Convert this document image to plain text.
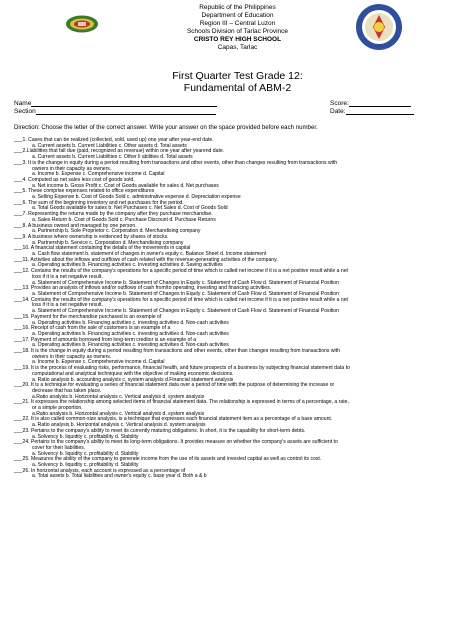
Republic of the Philippines
Department of Education
Region III – Central Luzon
Schools Division of Tarlac Province
CRISTO REY HIGH SCHOOL
Capas, Tarlac
First Quarter Test Grade 12:
Fundamental of ABM-2
Name
Section
Score:
Date:
Direction: Choose the letter of the correct answer. Write your answer on the space provided before each number.
___1. Cases that can be realized (collected, sold, used up) one year after year-end date.
a. Current assets b. Current Liabilities c. Other assets d. Total assets
___2.Liabilities that fall due (paid, recognized as revenue) within one year after yearend date.
a. Current assets b. Current Liabilities c. Other li abilities d. Total assets
___3. It is the change in equity during a period resulting from transactions and other events, other than changes resulting from transactions with
owners in their capacity as owners.
a. Income b. Expense c. Comprehensive income d. Capital
___4. Computed as net sales less cost of goods sold.
a. Net income b. Gross Profit c. Cost of Goods available for sales d. Net purchases
___5. These comprise expenses related to office expenditures
a. Selling Expense b. Cost of Goods Sold c. administrative expense d. Depreciation expense
___6. The sum of the beginning inventory and net purchases for the period.
a. Total Goods available for sales b. Net Purchases c. Net Sales d. Cost of Goods Sold
___7. Representing the returns made by the company after they purchase merchandise.
a. Sales Return b. Cost of Goods Sold c. Purchase Discount d. Purchase Returns
___8. A business owned and managed by one person.
a. Partnership b. Sole Proprietor c. Corporation d. Merchandising company
___9. A business where ownership is evidenced by shares of stocks.
a. Partnership b. Service c. Corporation d. Merchandising company
___10. A financial statement containing the details of the movements in capital
a. Cash flow statement b. statement of changes in owner's equity c. Balance Sheet d. Income statement
___11. Activities about the inflows and outflows of cash related with the revenue-generating activities of the company.
a. Operating activities b. Financing activities c. Investing activities d. Saving activities
___12. Contains the results of the company's operations for a specific period of time which is called net income if it is a net positive result while a net
loss if it is a net negative result.
a. Statement of Comprehensive Income b. Statement of Changes in Equity c. Statement of Cash Flow d. Statement of Financial Position
___13. Provides an analysis of inflows and/or outflows of cash from/to operating, investing and financing activities.
a. Statement of Comprehensive Income b. Statement of Changes in Equity c. Statement of Cash Flow d. Statement of Financial Position
___14. Contains the results of the company's operations for a specific period of time which is called net income if it is a net positive result while a net
loss if it is a net negative result.
a. Statement of Comprehensive Income b. Statement of Changes in Equity c. Statement of Cash Flow d. Statement of Financial Position
___15. Payment for the merchandise purchased is an example of
a. Operating activities b. Financing activities c. investing activities d. Non-cash activities
___16. Receipt of cash from the sale of customers is an example of a
a. Operating activities b. Financing activities c. investing activities d. Non-cash activities
___17. Payment of amounts borrowed from long-term creditor is an example of a
a. Operating activities b. Financing activities c. investing activities d. Non-cash activities
___18. It is the change in equity during a period resulting from transactions and other events, other than changes resulting from transactions with
owners in their capacity as owners.
a. Income b. Expense c. Comprehensive income d. Capital
___19. It is the process of evaluating risks, performance, financial health, and future prospects of a business by subjecting financial statement data to
computational and analytical techniques with the objective of making economic decisions.
a. Ratio analysis b. accounting analysis c. system analysis d.Financial statement analysis
___20. It is a technique for evaluating a series of financial statement data over a period of time with the purpose of determining the increase or
decrease that has taken place.
a.Ratio analysis b. Horizontal analysis c. Vertical analysis d. system analysis
___21. It expresses the relationship among selected items of financial statement data. The relationship is expressed in terms of a percentage, a rate,
or a simple proportion.
a.Ratio analysis b. Horizontal analysis c. Vertical analysis d. system analysis
___22. It is also called common-size analysis, is a technique that expresses each financial statement item as a percentage of a base amount.
a. Ratio analysis b. Horizontal analysis c. Vertical analysis d. system analysis
___23. Pertains to the company's ability to meet its currently maturing obligations. In short, it is the capability for short-term debts.
a. Solvency b. liquidity c. profitability d. Stability
___24. Pertains to the company's ability to meet its long-term obligations. It provides measure on whether the company's assets are sufficient to
cover for their liabilities.
a. Solvency b. liquidity c. profitability d. Stability
___25. Measures the ability of the company to generate income from the use of its assets and invested capital as well as control its cost.
a. Solvency b. liquidity c. profitability d. Stability
___26. In horizontal analysis, each account is expressed as a percentage of
a. Total assets b. Total liabilities and owner's equity c. base year d. Both a & b
